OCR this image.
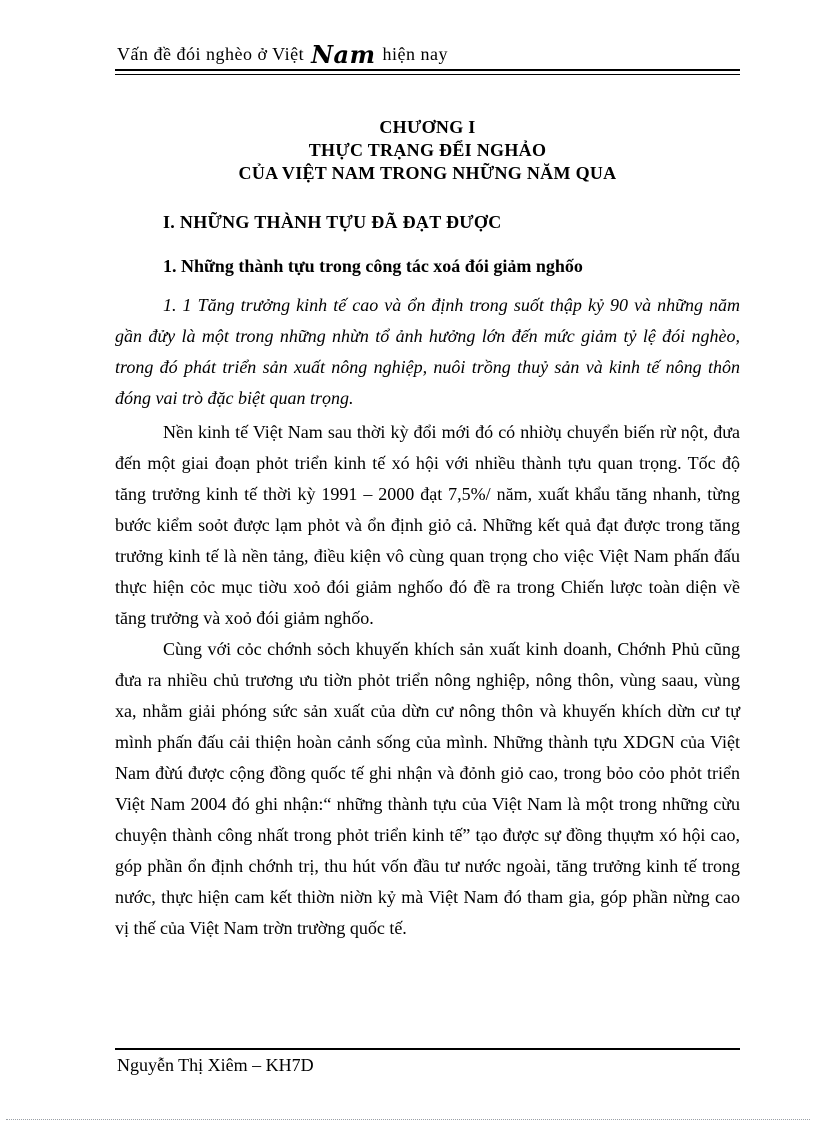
Vấn đề đói nghèo ở Việt Nam hiện nay
CHƯƠNG I
THỰC TRẠNG ĐỂI NGHẢO
CỦA VIỆT NAM TRONG NHỮNG NĂM QUA
I. NHỮNG THÀNH TỰU ĐÃ ĐẠT ĐƯỢC
1. Những thành tựu trong công tác xoá đói giảm nghốo

1. 1 Tăng trưởng kinh tế cao và ổn định trong suốt thập kỷ 90 và những năm gần đửy là một trong những nhừn tổ ảnh hưởng lớn đến mức giảm tỷ lệ đói nghèo, trong đó phát triển sản xuất nông nghiệp, nuôi trồng thuỷ sản và kinh tế nông thôn đóng vai trò đặc biệt quan trọng.

Nền kinh tế Việt Nam sau thời kỳ đổi mới đó có nhiờụ chuyển biến rừ nột, đưa đến một giai đoạn phỏt triển kinh tế xó hội với nhiều thành tựu quan trọng. Tốc độ tăng trưởng kinh tế thời kỳ 1991 – 2000 đạt 7,5%/ năm, xuất khẩu tăng nhanh, từng bước kiểm soỏt được lạm phỏt và ổn định giỏ cả. Những kết quả đạt được trong tăng trưởng kinh tế là nền tảng, điều kiện vô cùng quan trọng cho việc Việt Nam phấn đấu thực hiện cỏc mục tiờu xoỏ đói giảm nghốo đó đề ra trong Chiến lược toàn diện về tăng trưởng và xoỏ đói giảm nghốo.

Cùng với cỏc chớnh sỏch khuyến khích sản xuất kinh doanh, Chớnh Phủ cũng đưa ra nhiều chủ trương ưu tiờn phỏt triển nông nghiệp, nông thôn, vùng saau, vùng xa, nhằm giải phóng sức sản xuất của dừn cư nông thôn và khuyến khích dừn cư tự mình phấn đấu cải thiện hoàn cảnh sống của mình. Những thành tựu XDGN của Việt Nam đừú được cộng đồng quốc tế ghi nhận và đỏnh giỏ cao, trong bỏo cỏo phỏt triển Việt Nam 2004 đó ghi nhận:“ những thành tựu của Việt Nam là một trong những cừu chuyện thành công nhất trong phỏt triển kinh tế” tạo được sự đồng thụựm xó hội cao, góp phần ổn định chớnh trị, thu hút vốn đầu tư nước ngoài, tăng trưởng kinh tế trong nước, thực hiện cam kết thiờn niờn kỷ mà Việt Nam đó tham gia, góp phần nừng cao vị thế của Việt Nam trờn trường quốc tế.

Nguyễn Thị Xiêm – KH7D
